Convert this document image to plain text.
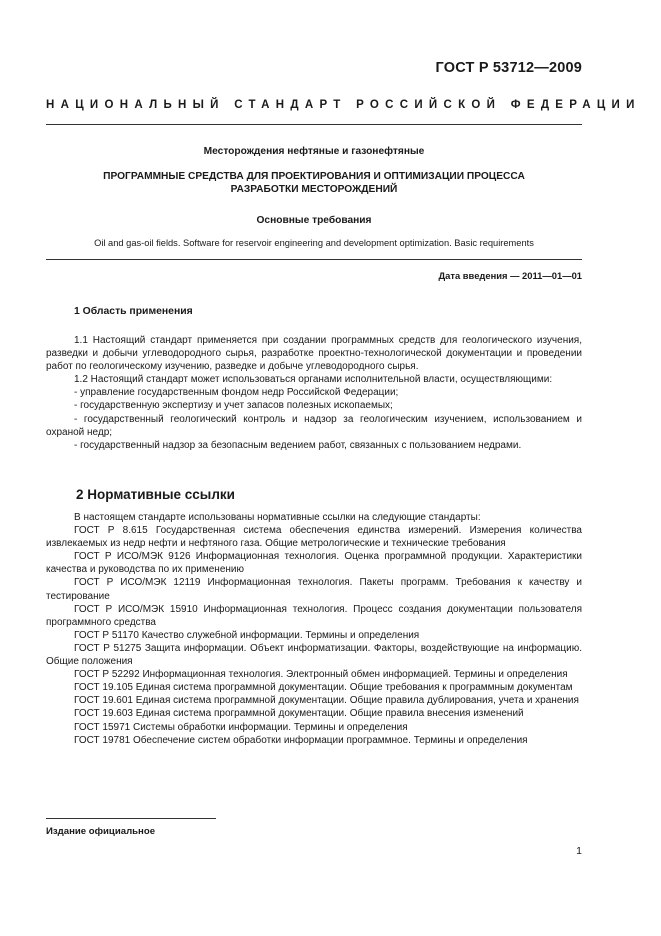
ГОСТ Р 53712—2009
НАЦИОНАЛЬНЫЙ СТАНДАРТ РОССИЙСКОЙ ФЕДЕРАЦИИ
Месторождения нефтяные и газонефтяные
ПРОГРАММНЫЕ СРЕДСТВА ДЛЯ ПРОЕКТИРОВАНИЯ И ОПТИМИЗАЦИИ ПРОЦЕССА
РАЗРАБОТКИ МЕСТОРОЖДЕНИЙ
Основные требования
Oil and gas-oil fields. Software for reservoir engineering and development optimization. Basic requirements
Дата введения — 2011—01—01
1 Область применения

1.1 Настоящий стандарт применяется при создании программных средств для геологического изучения, разведки и добычи углеводородного сырья, разработке проектно-технологической документации и проведении работ по геологическому изучению, разведке и добыче углеводородного сырья.

1.2 Настоящий стандарт может использоваться органами исполнительной власти, осуществляющими:

- управление государственным фондом недр Российской Федерации;

- государственную экспертизу и учет запасов полезных ископаемых;

- государственный геологический контроль и надзор за геологическим изучением, использованием и охраной недр;

- государственный надзор за безопасным ведением работ, связанных с пользованием недрами.

2 Нормативные ссылки

В настоящем стандарте использованы нормативные ссылки на следующие стандарты:

ГОСТ Р 8.615 Государственная система обеспечения единства измерений. Измерения количества извлекаемых из недр нефти и нефтяного газа. Общие метрологические и технические требования

ГОСТ Р ИСО/МЭК 9126 Информационная технология. Оценка программной продукции. Характеристики качества и руководства по их применению

ГОСТ Р ИСО/МЭК 12119 Информационная технология. Пакеты программ. Требования к качеству и тестирование

ГОСТ Р ИСО/МЭК 15910 Информационная технология. Процесс создания документации пользователя программного средства

ГОСТ Р 51170 Качество служебной информации. Термины и определения

ГОСТ Р 51275 Защита информации. Объект информатизации. Факторы, воздействующие на информацию. Общие положения

ГОСТ Р 52292 Информационная технология. Электронный обмен информацией. Термины и определения

ГОСТ 19.105 Единая система программной документации. Общие требования к программным документам

ГОСТ 19.601 Единая система программной документации. Общие правила дублирования, учета и хранения

ГОСТ 19.603 Единая система программной документации. Общие правила внесения изменений

ГОСТ 15971 Системы обработки информации. Термины и определения

ГОСТ 19781 Обеспечение систем обработки информации программное. Термины и определения

Издание официальное
1
